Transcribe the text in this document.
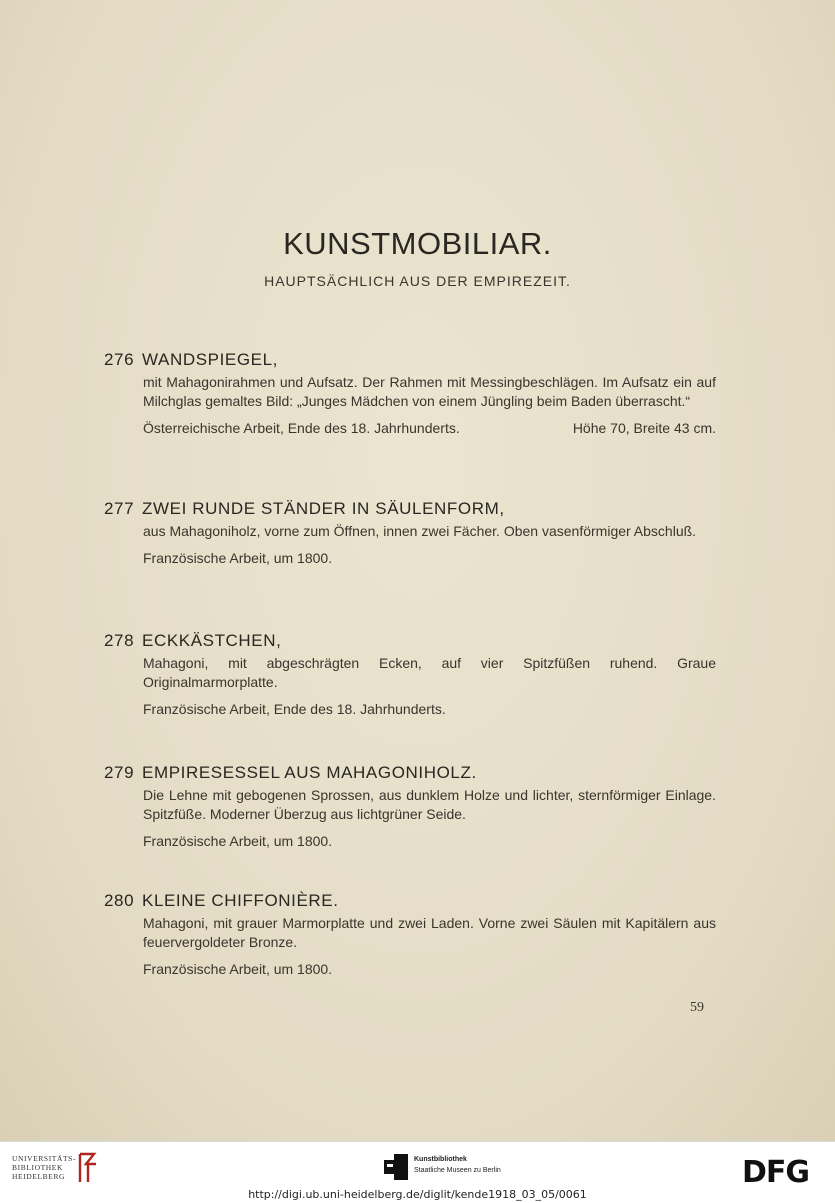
KUNSTMOBILIAR.
HAUPTSÄCHLICH AUS DER EMPIREZEIT.
276 WANDSPIEGEL,
mit Mahagonirahmen und Aufsatz. Der Rahmen mit Messingbeschlägen. Im Aufsatz ein auf Milchglas gemaltes Bild: „Junges Mädchen von einem Jüngling beim Baden überrascht.“
Österreichische Arbeit, Ende des 18. Jahrhunderts.	Höhe 70, Breite 43 cm.
277 ZWEI RUNDE STÄNDER IN SÄULENFORM,
aus Mahagoniholz, vorne zum Öffnen, innen zwei Fächer. Oben vasenförmiger Abschluß.
Französische Arbeit, um 1800.
278 ECKKÄSTCHEN,
Mahagoni, mit abgeschrägten Ecken, auf vier Spitzfüßen ruhend. Graue Originalmarmorplatte.
Französische Arbeit, Ende des 18. Jahrhunderts.
279 EMPIRESESSEL AUS MAHAGONIHOLZ.
Die Lehne mit gebogenen Sprossen, aus dunklem Holze und lichter, sternförmiger Einlage. Spitzfüße. Moderner Überzug aus lichtgrüner Seide.
Französische Arbeit, um 1800.
280 KLEINE CHIFFONIÈRE.
Mahagoni, mit grauer Marmorplatte und zwei Laden. Vorne zwei Säulen mit Kapitälern aus feuervergoldeter Bronze.
Französische Arbeit, um 1800.
59
UNIVERSITÄTS-
BIBLIOTHEK
HEIDELBERG
Kunstbibliothek
Staatliche Museen zu Berlin	DFG
http://digi.ub.uni-heidelberg.de/diglit/kende1918_03_05/0061
